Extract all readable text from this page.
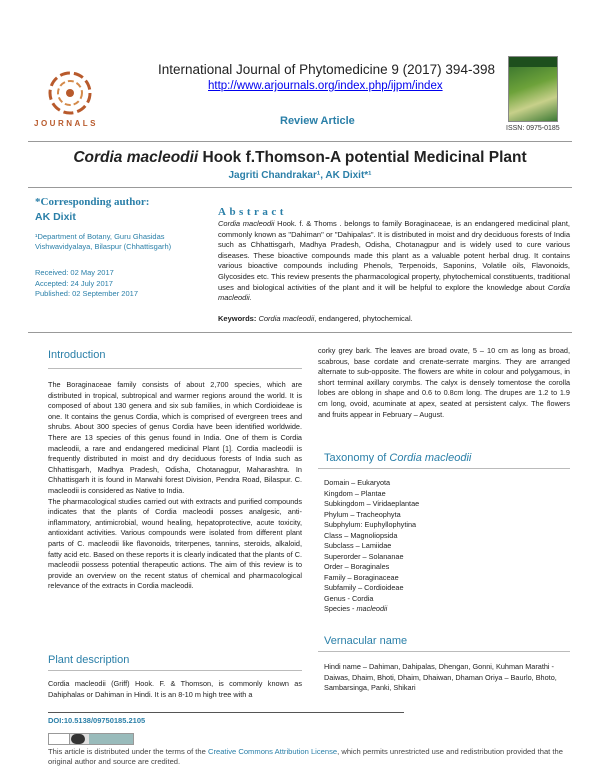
JOURNALS
International Journal of Phytomedicine 9 (2017) 394-398
http://www.arjournals.org/index.php/ijpm/index
ISSN: 0975-0185
Review Article
Cordia macleodii Hook f.Thomson-A potential Medicinal Plant
Jagriti Chandrakar¹, AK Dixit*¹
*Corresponding author:
AK Dixit
¹Department of Botany, Guru Ghasidas Vishwavidyalaya, Bilaspur (Chhattisgarh)
Received: 02 May 2017
Accepted: 24 July 2017
Published: 02 September 2017
Abstract
Cordia macleodii Hook. f. & Thoms . belongs to family Boraginaceae, is an endangered medicinal plant, commonly known as "Dahiman" or "Dahipalas". It is distributed in moist and dry deciduous forests of India such as Chhattisgarh, Madhya Pradesh, Odisha, Chotanagpur and is widely used to cure various diseases. These bioactive compounds made this plant as a valuable potent herbal drug. It contains various bioactive compounds including Phenols, Terpenoids, Saponins, Volatile oils, Flavonoids, Glycosides etc. This review presents the pharmacological property, phytochemical constituents, traditional uses and biological activities of the plant and it will be helpful to explore the knowledge about Cordia macleodii.
Keywords: Cordia macleodii, endangered, phytochemical.
Introduction

The Boraginaceae family consists of about 2,700 species, which are distributed in tropical, subtropical and warmer regions around the world. It is composed of about 130 genera and six sub families, in which Cordioideae is one. It contains the genus Cordia, which is comprised of evergreen trees and shrubs. About 300 species of genus Cordia have been identified worldwide. There are 13 species of this genus found in India. One of them is Cordia macleodii, a rare and endangered medicinal Plant [1]. Cordia macleodii is frequently distributed in moist and dry deciduous forests of India such as Chhattisgarh, Madhya Pradesh, Odisha, Chotanagpur, Maharashtra. In Chhattisgarh it is found in Marwahi forest Division, Pendra Road, Bilaspur. C. macleodii is considered as Native to India.

The pharmacological studies carried out with extracts and purified compounds indicates that the plants of Cordia macleodii posses analgesic, anti-inflammatory, antimicrobial, wound healing, hepatoprotective, acute toxicity, antioxidant activities. Various compounds were isolated from different plant parts of C. macleodii like flavonoids, triterpenes, tannins, steroids, alkaloid, fatty acid etc. Based on these reports it is clearly indicated that the plants of C. macleodii possess potential therapeutic actions. The aim of this review is to provide an overview on the recent status of chemical and pharmacological relevance of the extracts in Cordia macleodii.

Plant description
Cordia macleodii (Griff) Hook. F. & Thomson, is commonly known as Dahiphalas or Dahiman in Hindi. It is an 8-10 m high tree with a
corky grey bark. The leaves are broad ovate, 5 – 10 cm as long as broad, scabrous, base cordate and crenate-serrate margins. They are arranged alternate to sub-opposite. The flowers are white in colour and polygamous, in short terminal axillary corymbs. The calyx is densely tomentose the corolla lobes are oblong in shape and 0.6 to 0.8cm long. The drupes are 1.2 to 1.9 cm long, ovoid, acuminate at apex, seated at persistent calyx. The flowers and fruits appear in February – August.
Taxonomy of Cordia macleodii
Domain – Eukaryota
Kingdom – Plantae
Subkingdom – Viridaeplantae
Phylum – Tracheophyta
Subphylum: Euphyllophytina
Class – Magnoliopsida
Subclass – Lamiidae
Superorder – Solananae
Order – Boraginales
Family – Boraginaceae
Subfamily – Cordioideae
Genus - Cordia
Species - macleodii
Vernacular name
Hindi name – Dahiman, Dahipalas, Dhengan, Gonni, Kuhman Marathi - Daiwas, Dhaim, Bhoti, Dhaim, Dhaiwan, Dhaman Oriya – Baurlo, Bhoto, Sambarsinga, Panki, Shikari
DOI:10.5138/09750185.2105
This article is distributed under the terms of the Creative Commons Attribution License, which permits unrestricted use and redistribution provided that the original author and source are credited.
